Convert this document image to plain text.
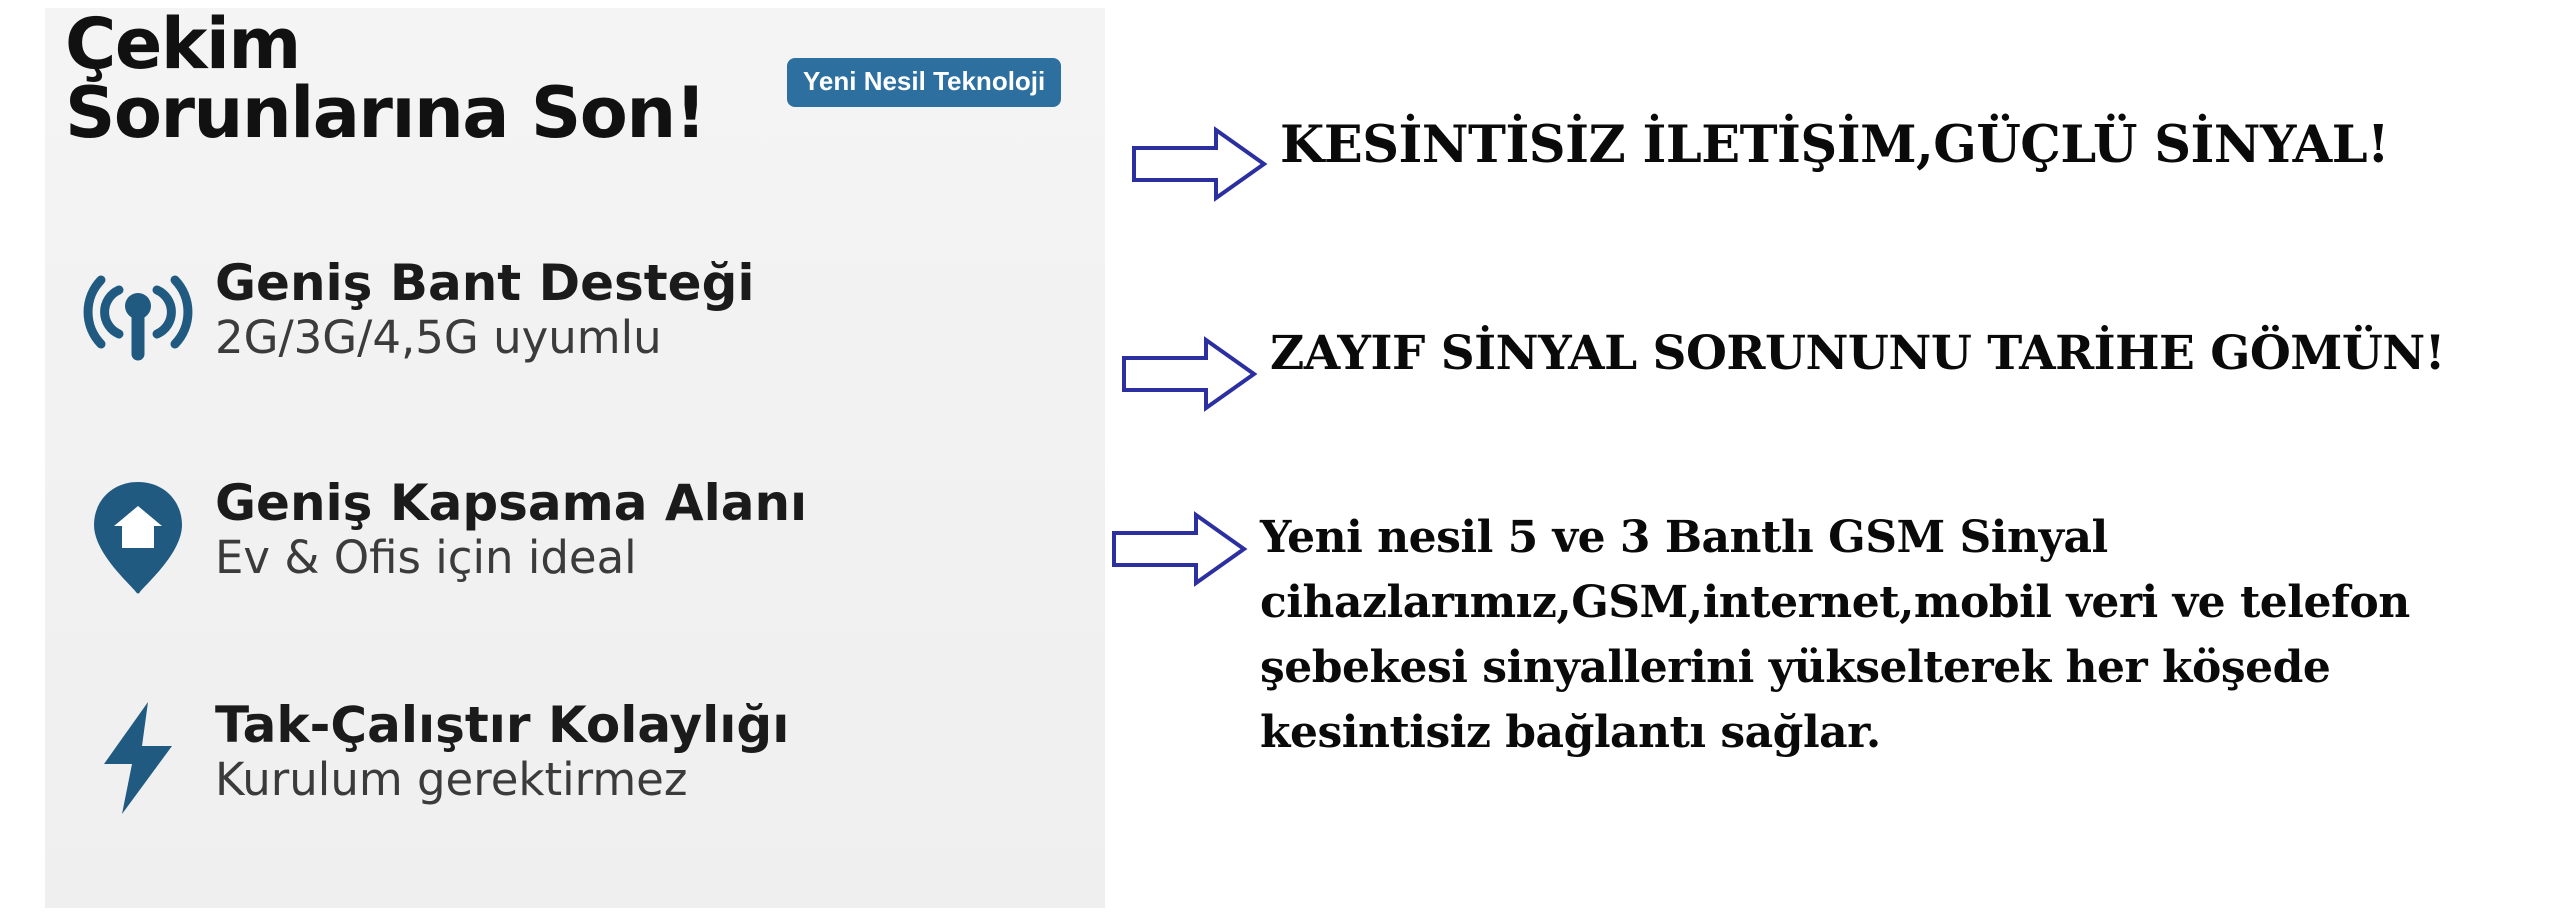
Çekim Sorunlarına Son!	Yeni Nesil Teknoloji
Geniş Bant Desteği
2G/3G/4,5G uyumlu
Geniş Kapsama Alanı
Ev & Ofis için ideal
Tak-Çalıştır Kolaylığı
Kurulum gerektirmez
KESİNTİSİZ İLETİŞİM,GÜÇLÜ SİNYAL!
ZAYIF SİNYAL SORUNUNU TARİHE GÖMÜN!
Yeni nesil 5 ve 3 Bantlı GSM Sinyal cihazlarımız,GSM,internet,mobil veri ve telefon şebekesi sinyallerini yükselterek her köşede kesintisiz bağlantı sağlar.
